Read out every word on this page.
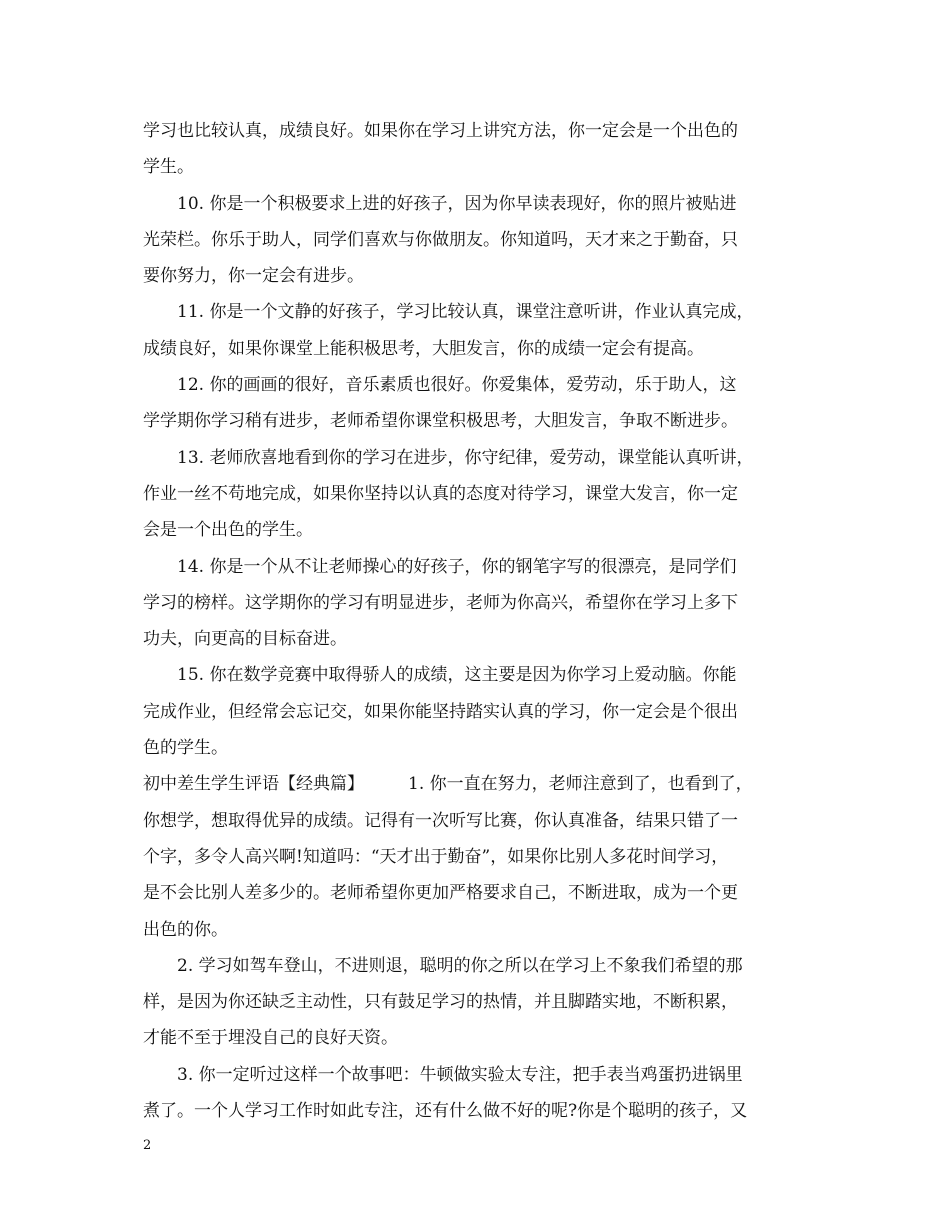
学习也比较认真，成绩良好。如果你在学习上讲究方法，你一定会是一个出色的
学生。
10. 你是一个积极要求上进的好孩子，因为你早读表现好，你的照片被贴进
光荣栏。你乐于助人，同学们喜欢与你做朋友。你知道吗，天才来之于勤奋，只
要你努力，你一定会有进步。
11. 你是一个文静的好孩子，学习比较认真，课堂注意听讲，作业认真完成，
成绩良好，如果你课堂上能积极思考，大胆发言，你的成绩一定会有提高。
12. 你的画画的很好，音乐素质也很好。你爱集体，爱劳动，乐于助人，这
学学期你学习稍有进步，老师希望你课堂积极思考，大胆发言，争取不断进步。
13. 老师欣喜地看到你的学习在进步，你守纪律，爱劳动，课堂能认真听讲，
作业一丝不苟地完成，如果你坚持以认真的态度对待学习，课堂大发言，你一定
会是一个出色的学生。
14. 你是一个从不让老师操心的好孩子，你的钢笔字写的很漂亮，是同学们
学习的榜样。这学期你的学习有明显进步，老师为你高兴，希望你在学习上多下
功夫，向更高的目标奋进。
15. 你在数学竞赛中取得骄人的成绩，这主要是因为你学习上爱动脑。你能
完成作业，但经常会忘记交，如果你能坚持踏实认真的学习，你一定会是个很出
色的学生。
初中差生学生评语【经典篇】	1. 你一直在努力，老师注意到了，也看到了，
你想学，想取得优异的成绩。记得有一次听写比赛，你认真准备，结果只错了一
个字，多令人高兴啊!知道吗：“天才出于勤奋”，如果你比别人多花时间学习，
是不会比别人差多少的。老师希望你更加严格要求自己，不断进取，成为一个更
出色的你。
2. 学习如驾车登山，不进则退，聪明的你之所以在学习上不象我们希望的那
样，是因为你还缺乏主动性，只有鼓足学习的热情，并且脚踏实地，不断积累，
才能不至于埋没自己的良好天资。
3. 你一定听过这样一个故事吧：牛顿做实验太专注，把手表当鸡蛋扔进锅里
煮了。一个人学习工作时如此专注，还有什么做不好的呢?你是个聪明的孩子，又
2
